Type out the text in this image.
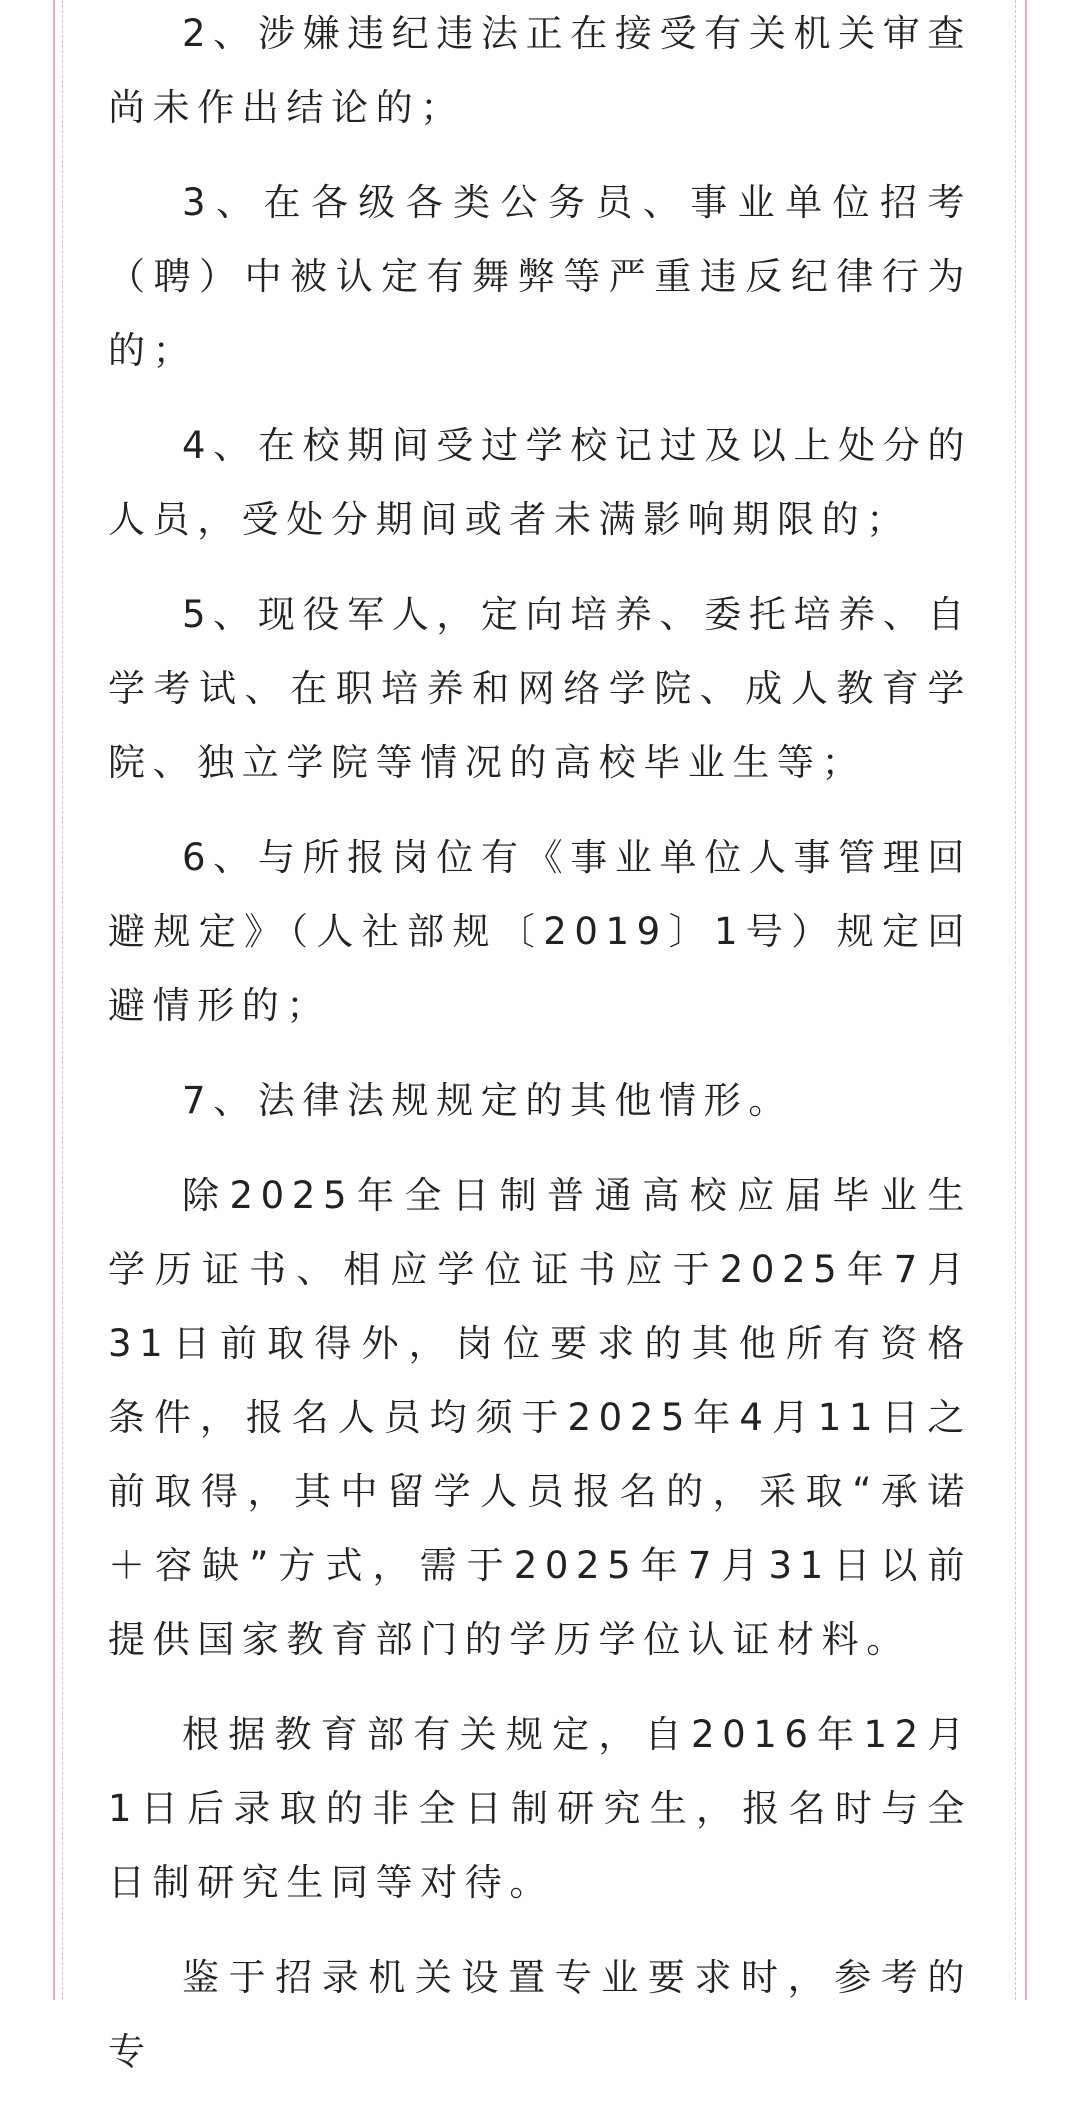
2、涉嫌违纪违法正在接受有关机关审查尚未作出结论的；

3、在各级各类公务员、事业单位招考（聘）中被认定有舞弊等严重违反纪律行为的；

4、在校期间受过学校记过及以上处分的人员，受处分期间或者未满影响期限的；

5、现役军人，定向培养、委托培养、自学考试、在职培养和网络学院、成人教育学院、独立学院等情况的高校毕业生等；

6、与所报岗位有《事业单位人事管理回避规定》（人社部规〔2019〕1号）规定回避情形的；

7、法律法规规定的其他情形。

除2025年全日制普通高校应届毕业生学历证书、相应学位证书应于2025年7月31日前取得外，岗位要求的其他所有资格条件，报名人员均须于2025年4月11日之前取得，其中留学人员报名的，采取“承诺＋容缺”方式，需于2025年7月31日以前提供国家教育部门的学历学位认证材料。

根据教育部有关规定，自2016年12月1日后录取的非全日制研究生，报名时与全日制研究生同等对待。

鉴于招录机关设置专业要求时，参考的专
